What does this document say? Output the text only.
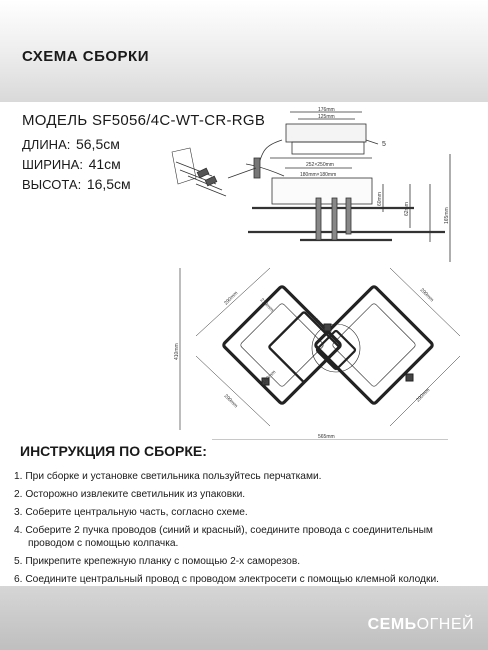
СХЕМА СБОРКИ
МОДЕЛЬ SF5056/4C-WT-CR-RGB
ДЛИНА: 56,5см
ШИРИНА: 41см
ВЫСОТА: 16,5см
176mm
125mm
5
252×250mm
180mm×180mm
60mm
62mm	165mm
290mm	290mm
290mm	290mm
210mm
180mm
125mm
410mm
565mm
ИНСТРУКЦИЯ ПО СБОРКЕ:
1. При сборке и установке светильника пользуйтесь перчатками.
2. Осторожно извлеките светильник из упаковки.
3. Соберите центральную часть, согласно схеме.
4. Соберите 2 пучка проводов (синий и красный), соедините провода с соединительным
проводом с помощью колпачка.
5. Прикрепите крепежную планку с помощью 2-х саморезов.
6. Соедините центральный провод с проводом электросети с помощью клемной колодки.
СЕМЬОГНЕЙ
